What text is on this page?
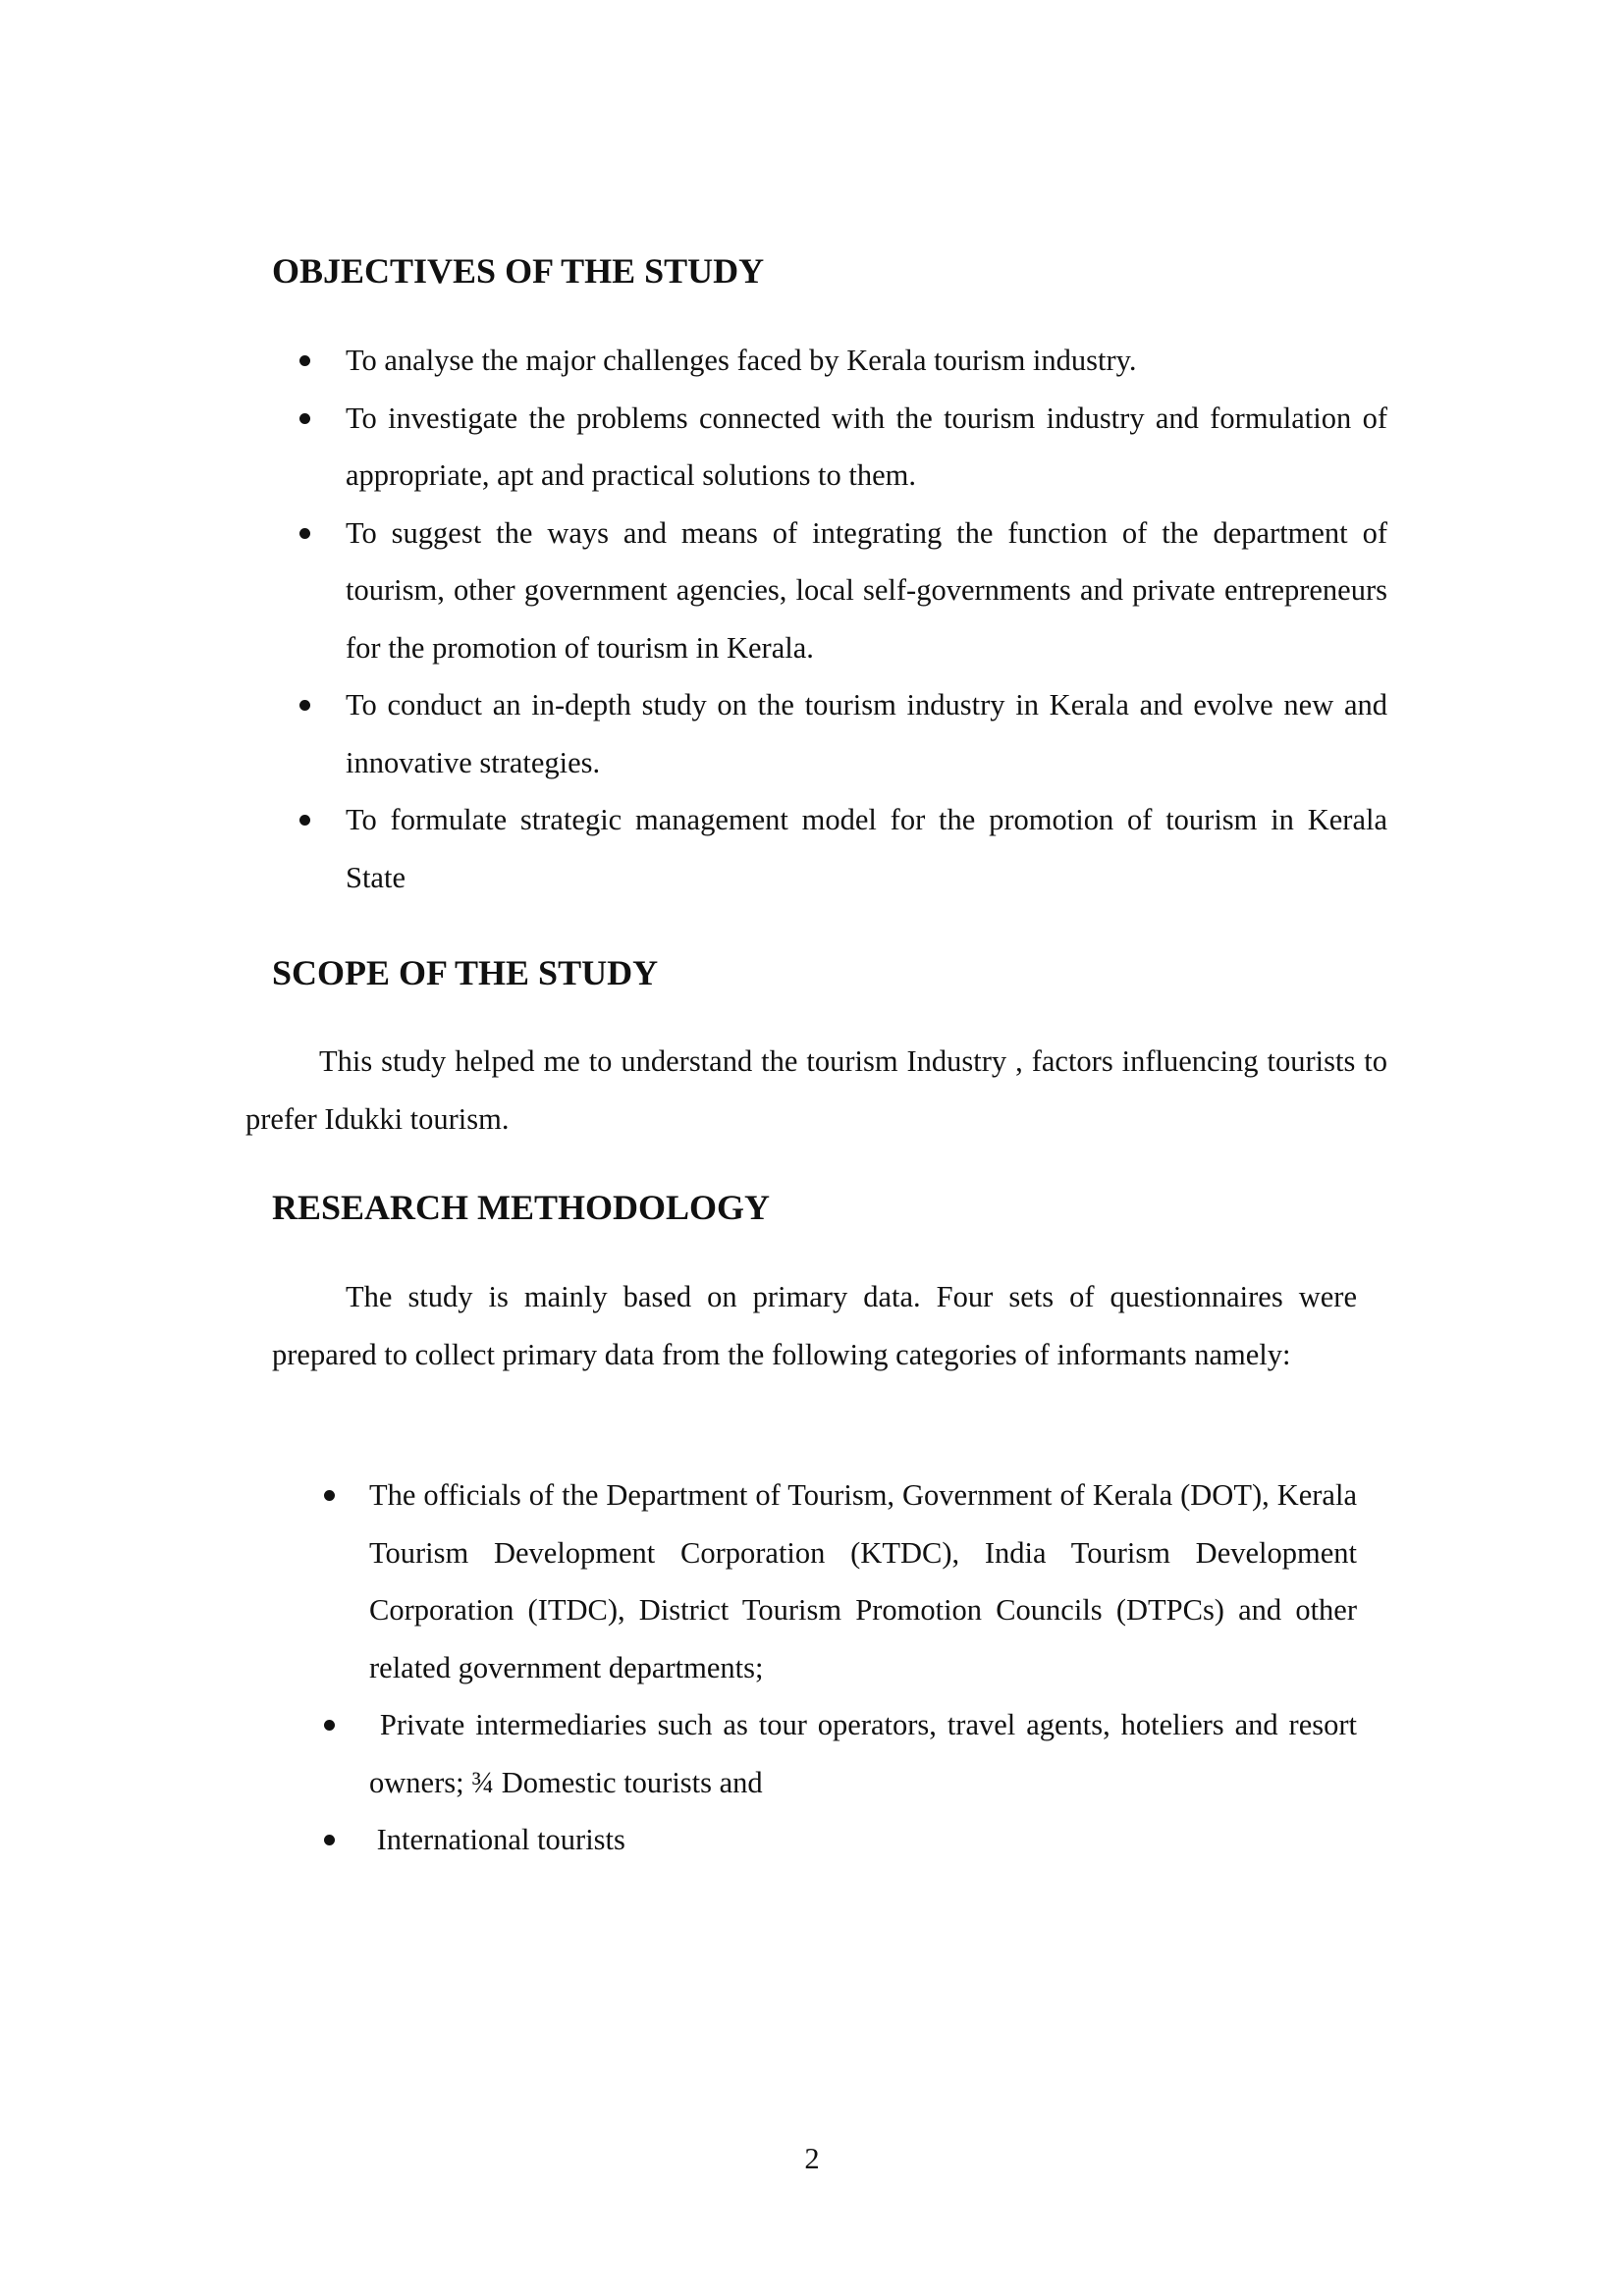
OBJECTIVES OF THE STUDY
To analyse the major challenges faced by Kerala tourism industry.
To investigate the problems connected with the tourism industry and formulation of appropriate, apt and practical solutions to them.
To suggest the ways and means of integrating the function of the department of tourism, other government agencies, local self-governments and private entrepreneurs for the promotion of tourism in Kerala.
To conduct an in-depth study on the tourism industry in Kerala and evolve new and innovative strategies.
To formulate strategic management model for the promotion of tourism in Kerala State
SCOPE OF THE STUDY

This study helped me to understand the tourism Industry , factors influencing tourists to prefer Idukki tourism.

RESEARCH METHODOLOGY

The study is mainly based on primary data. Four sets of questionnaires were prepared to collect primary data from the following categories of informants namely:

The officials of the Department of Tourism, Government of Kerala (DOT), Kerala Tourism Development Corporation (KTDC), India Tourism Development Corporation (ITDC), District Tourism Promotion Councils (DTPCs) and other related government departments;
Private intermediaries such as tour operators, travel agents, hoteliers and resort owners; ¾ Domestic tourists and
International tourists
2
